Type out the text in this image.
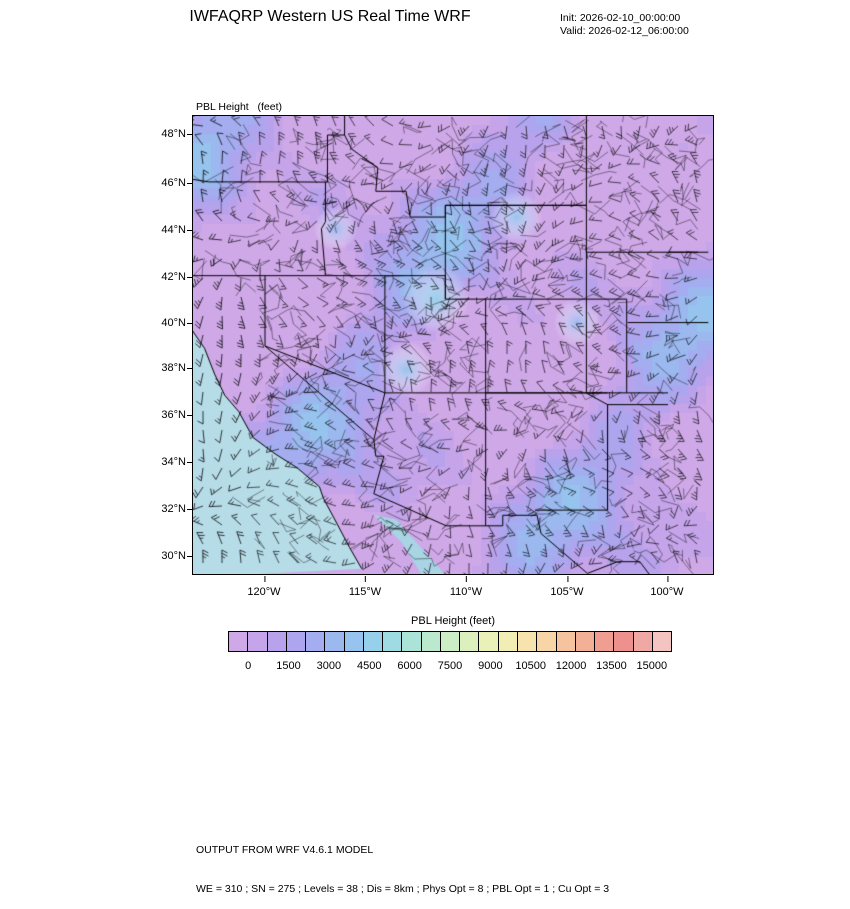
IWFAQRP Western US Real Time WRF	Init: 2026-02-10_00:00:00
Valid: 2026-02-12_06:00:00

PBL Height   (feet)

48°N
46°N
44°N
42°N
40°N
38°N
36°N
34°N
32°N
30°N
120°W	115°W	110°W	105°W	100°W
PBL Height (feet)
0 1500 3000 4500 6000 7500 9000 10500 12000 13500 15000

OUTPUT FROM WRF V4.6.1 MODEL

WE = 310 ; SN = 275 ; Levels = 38 ; Dis = 8km ; Phys Opt = 8 ; PBL Opt = 1 ; Cu Opt = 3
